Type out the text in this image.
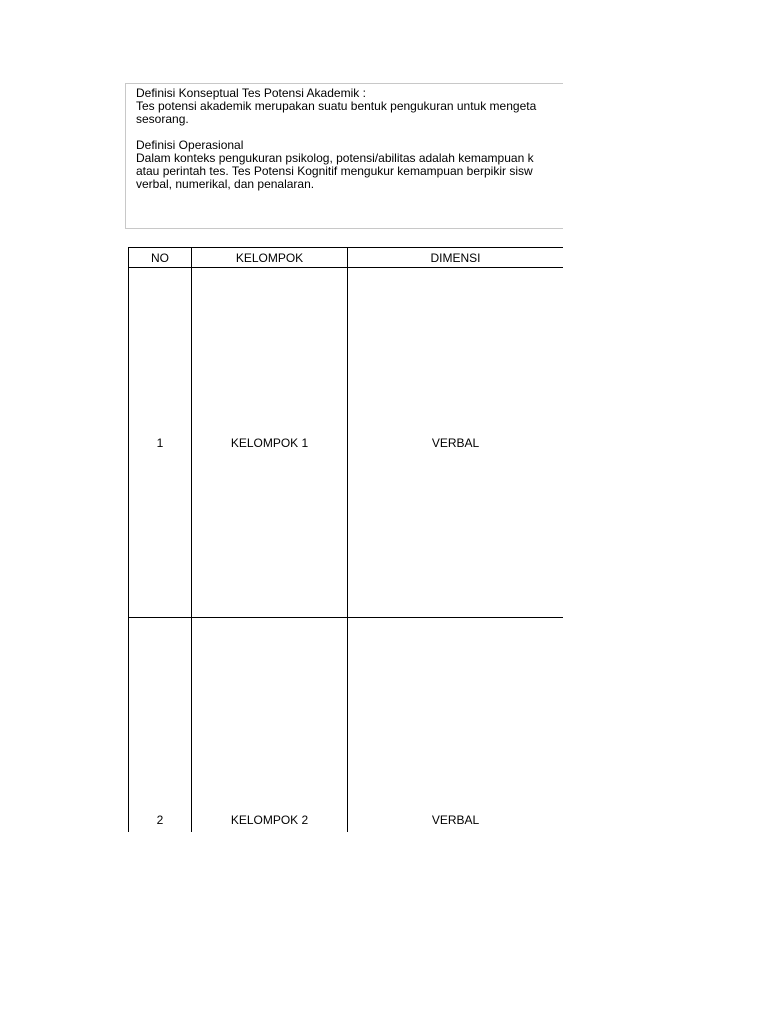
Definisi Konseptual Tes Potensi Akademik :
Tes potensi akademik merupakan suatu bentuk pengukuran untuk mengeta
sesorang.
Definisi Operasional
Dalam konteks pengukuran psikolog, potensi/abilitas adalah kemampuan k
atau perintah tes. Tes Potensi Kognitif mengukur kemampuan berpikir sisw
verbal, numerikal, dan penalaran.
NO	KELOMPOK	DIMENSI
1	KELOMPOK 1	VERBAL

2	KELOMPOK 2	VERBAL
